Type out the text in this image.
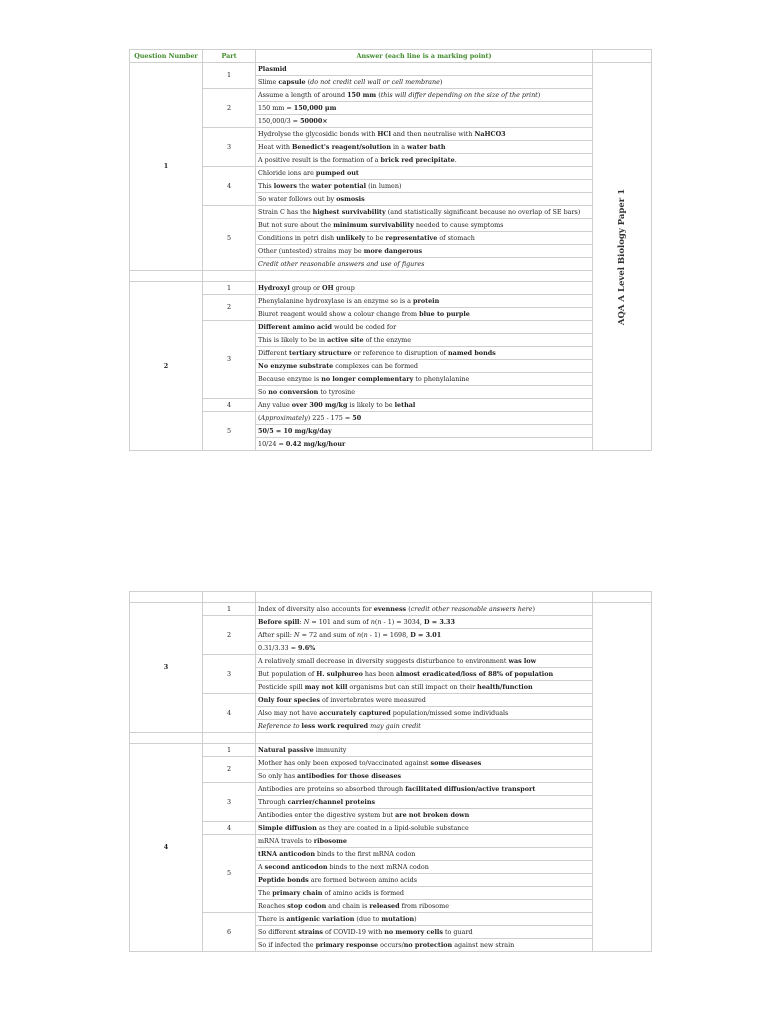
Question Number	Part	Answer (each line is a marking point)	
1	1	Plasmid	AQA A Level Biology Paper 1

		Slime capsule (do not credit cell wall or cell membrane)	
	2	Assume a length of around 150 mm (this will differ depending on the size of the print)	
		150 mm = 150,000 μm	
		150,000/3 = 50000×	
	3	Hydrolyse the glycosidic bonds with HCl and then neutralise with NaHCO3	
		Heat with Benedict's reagent/solution in a water bath	
		A positive result is the formation of a brick red precipitate.	
	4	Chloride ions are pumped out	
		This lowers the water potential (in lumen)	
		So water follows out by osmosis	
	5	Strain C has the highest survivability (and statistically significant because no overlap of SE bars)	
		But not sure about the minimum survivability needed to cause symptoms	
		Conditions in petri dish unlikely to be representative of stomach	
		Other (untested) strains may be more dangerous	
		Credit other reasonable answers and use of figures	

2	1	Hydroxyl group or OH group	
	2	Phenylalanine hydroxylase is an enzyme so is a protein	
		Biuret reagent would show a colour change from blue to purple	
	3	Different amino acid would be coded for	
		This is likely to be in active site of the enzyme	
		Different tertiary structure or reference to disruption of named bonds	
		No enzyme substrate complexes can be formed	
		Because enzyme is no longer complementary to phenylalanine	
		So no conversion to tyrosine	
	4	Any value over 300 mg/kg is likely to be lethal	
	5	(Approximately) 225 - 175 = 50	
		50/5 = 10 mg/kg/day	
		10/24 = 0.42 mg/kg/hour	

3	1	Index of diversity also accounts for evenness (credit other reasonable answers here)	
	2	Before spill: N = 101 and sum of n(n - 1) = 3034, D = 3.33	
		After spill: N = 72 and sum of n(n - 1) = 1698, D = 3.01	
		0.31/3.33 = 9.6%	
	3	A relatively small decrease in diversity suggests disturbance to environment was low	
		But population of H. sulphureo has been almost eradicated/loss of 88% of population	
		Pesticide spill may not kill organisms but can still impact on their health/function	
	4	Only four species of invertebrates were measured	
		Also may not have accurately captured population/missed some individuals	
		Reference to less work required may gain credit	

4	1	Natural passive immunity	
	2	Mother has only been exposed to/vaccinated against some diseases	
		So only has antibodies for those diseases	
	3	Antibodies are proteins so absorbed through facilitated diffusion/active transport	
		Through carrier/channel proteins	
		Antibodies enter the digestive system but are not broken down	
	4	Simple diffusion as they are coated in a lipid-soluble substance	
	5	mRNA travels to ribosome	
		tRNA anticodon binds to the first mRNA codon	
		A second anticodon binds to the next mRNA codon	
		Peptide bonds are formed between amino acids	
		The primary chain of amino acids is formed	
		Reaches stop codon and chain is released from ribosome	
	6	There is antigenic variation (due to mutation)	
		So different strains of COVID-19 with no memory cells to guard	
		So if infected the primary response occurs/no protection against new strain	
